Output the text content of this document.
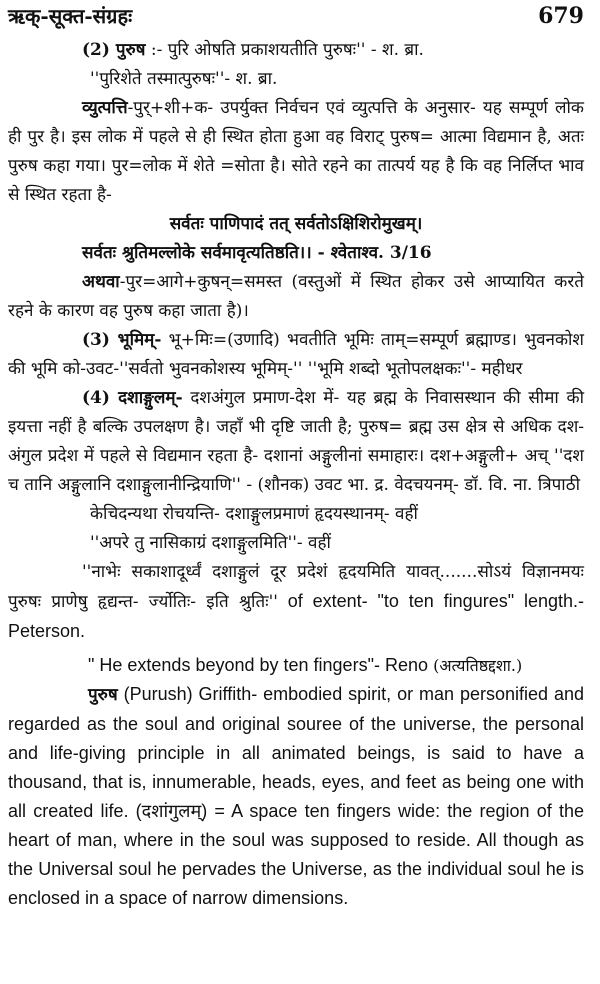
ऋक्-सूक्त-संग्रहः	679

(2) पुरुष :- पुरि ओषति प्रकाशयतीति पुरुषः'' - श. ब्रा.

''पुरिशेते तस्मात्पुरुषः''- श. ब्रा.

व्युत्पत्ति-पुर्+शी+क- उपर्युक्त निर्वचन एवं व्युत्पत्ति के अनुसार- यह सम्पूर्ण लोक ही पुर है। इस लोक में पहले से ही स्थित होता हुआ वह विराट् पुरुष= आत्मा विद्यमान है, अतः पुरुष कहा गया। पुर=लोक में शेते =सोता है। सोते रहने का तात्पर्य यह है कि वह निर्लिप्त भाव से स्थित रहता है-

सर्वतः पाणिपादं तत् सर्वतोऽक्षिशिरोमुखम्।

सर्वतः श्रुतिमल्लोके सर्वमावृत्यतिष्ठति।। - श्वेताश्व. 3/16

अथवा-पुर=आगे+कुषन्=समस्त (वस्तुओं में स्थित होकर उसे आप्यायित करते रहने के कारण वह पुरुष कहा जाता है)।

(3) भूमिम्- भू+मिः=(उणादि) भवतीति भूमिः ताम्=सम्पूर्ण ब्रह्माण्ड। भुवनकोश की भूमि को-उवट-''सर्वतो भुवनकोशस्य भूमिम्-'' ''भूमि शब्दो भूतोपलक्षकः''- महीधर

(4) दशाङ्गुलम्- दशअंगुल प्रमाण-देश में- यह ब्रह्म के निवासस्थान की सीमा की इयत्ता नहीं है बल्कि उपलक्षण है। जहाँ भी दृष्टि जाती है; पुरुष= ब्रह्म उस क्षेत्र से अधिक दश-अंगुल प्रदेश में पहले से विद्यमान रहता है- दशानां अङ्गुलीनां समाहारः। दश+अङ्गुली+ अच् ''दश च तानि अङ्गुलानि दशाङ्गुलानीन्द्रियाणि'' - (शौनक) उवट भा. द्र. वेदचयनम्- डॉ. वि. ना. त्रिपाठी

केचिदन्यथा रोचयन्ति- दशाङ्गुलप्रमाणं हृदयस्थानम्- वहीं

''अपरे तु नासिकाग्रं दशाङ्गुलमिति''- वहीं

''नाभेः सकाशादूर्ध्वं दशाङ्गुलं दूर प्रदेशं हृदयमिति यावत्.......सोऽयं विज्ञानमयः पुरुषः प्राणेषु हृद्यन्त- र्ज्योतिः- इति श्रुतिः'' of extent- "to ten fingures" length.- Peterson.

" He extends beyond by ten fingers"- Reno (अत्यतिष्ठद्दशा.)

पुरुष (Purush) Griffith- embodied spirit, or man personified and regarded as the soul and original souree of the universe, the personal and life-giving principle in all animated beings, is said to have a thousand, that is, innumerable, heads, eyes, and feet as being one with all created life. (दशांगुलम्) = A space ten fingers wide: the region of the heart of man, where in the soul was supposed to reside. All though as the Universal soul he pervades the Universe, as the individual soul he is enclosed in a space of narrow dimensions.
